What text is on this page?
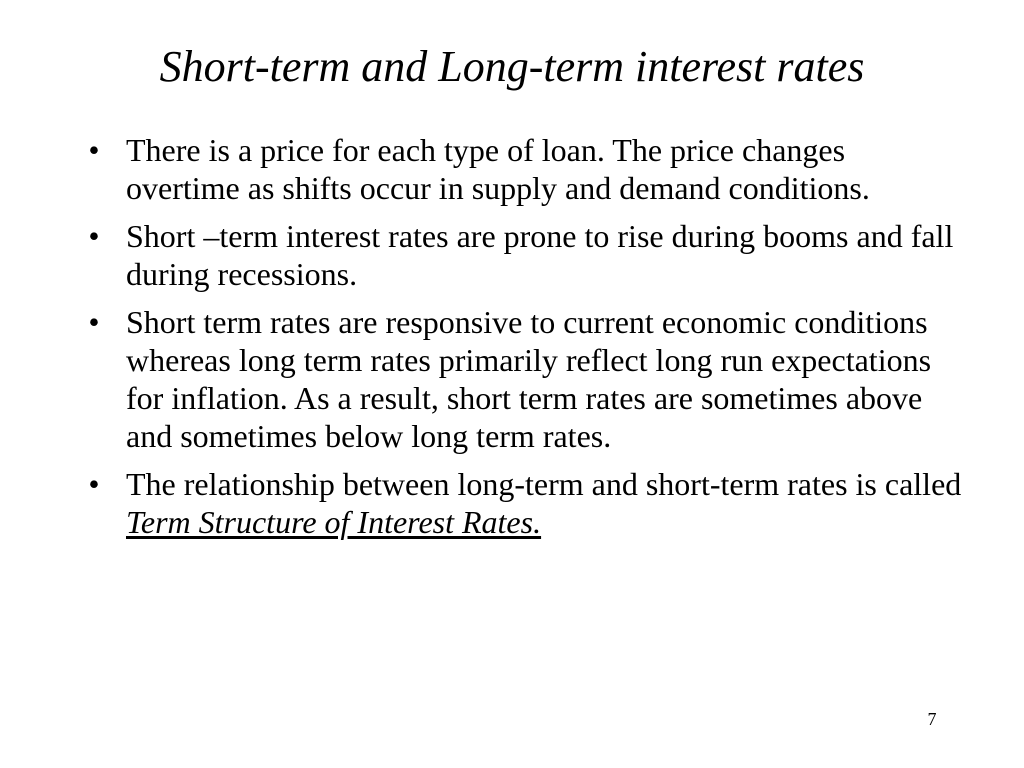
Short-term and Long-term interest rates
• There is a price for each type of loan. The price changes overtime as shifts occur in supply and demand conditions.
• Short –term interest rates are prone to rise during booms and fall during recessions.
• Short term rates are responsive to current economic conditions whereas long term rates primarily reflect long run expectations for inflation. As a result, short term rates are sometimes above and sometimes below long term rates.
• The relationship between long-term and short-term rates is called Term Structure of Interest Rates.
7
